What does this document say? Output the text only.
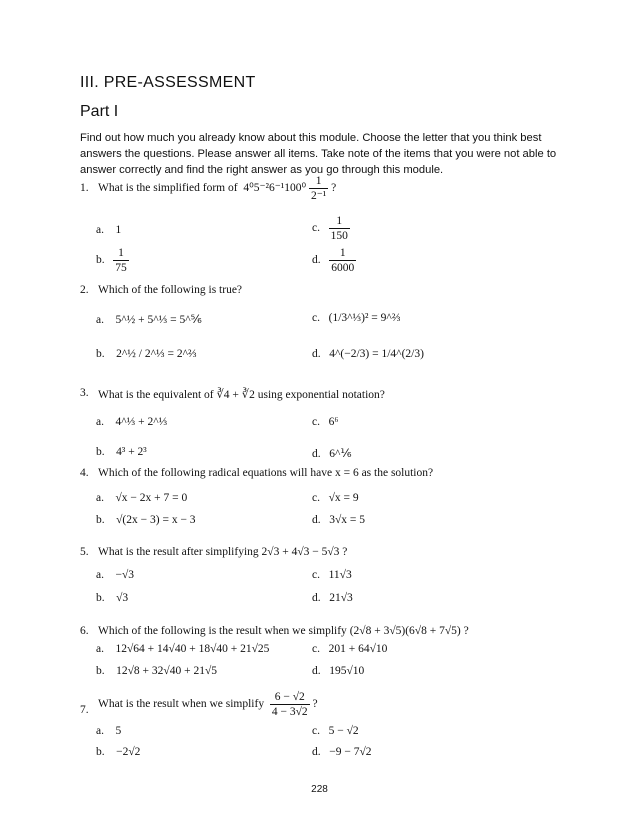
III. PRE-ASSESSMENT
Part I
Find out how much you already know about this module. Choose the letter that you think best answers the questions. Please answer all items. Take note of the items that you were not able to answer correctly and find the right answer as you go through this module.
1. What is the simplified form of $4^05^{-2}6^{-1}100^0 \frac{1}{\text{2⁻¹}}$ ?
a.    1	c. $\frac{1}{150}$
b. $\frac{1}{75}$	d. $\frac{1}{6000}$
2. Which of the following is true?
a.    5^½ + 5^⅓ = 5^⅚	c.   (1/3^⅓)² = 9^⅔
b.    2^½ / 2^⅓ = 2^⅔	d.   4^(−2/3) = 1/4^(2/3)
3. What is the equivalent of ∛4 + ∛2 using exponential notation?
a.    4^⅓ + 2^⅓	c.   6⁶
b.    4³ + 2³	d.   6^⅙
4. Which of the following radical equations will have x = 6 as the solution?
a.    √x − 2x + 7 = 0	c.   √x = 9
b.    √(2x − 3) = x − 3	d.   3√x = 5
5. What is the result after simplifying 2√3 + 4√3 − 5√3 ?
a.    −√3	c.   11√3
b.    √3	d.   21√3
6. Which of the following is the result when we simplify (2√8 + 3√5)(6√8 + 7√5) ?
a.    12√64 + 14√40 + 18√40 + 21√25	c.   201 + 64√10
b.    12√8 + 32√40 + 21√5	d.   195√10
7. What is the result when we simplify $\frac{6 - √2}{4 - 3√2}$ ?
a.    5	c.   5 − √2
b.    −2√2	d.   −9 − 7√2
228
